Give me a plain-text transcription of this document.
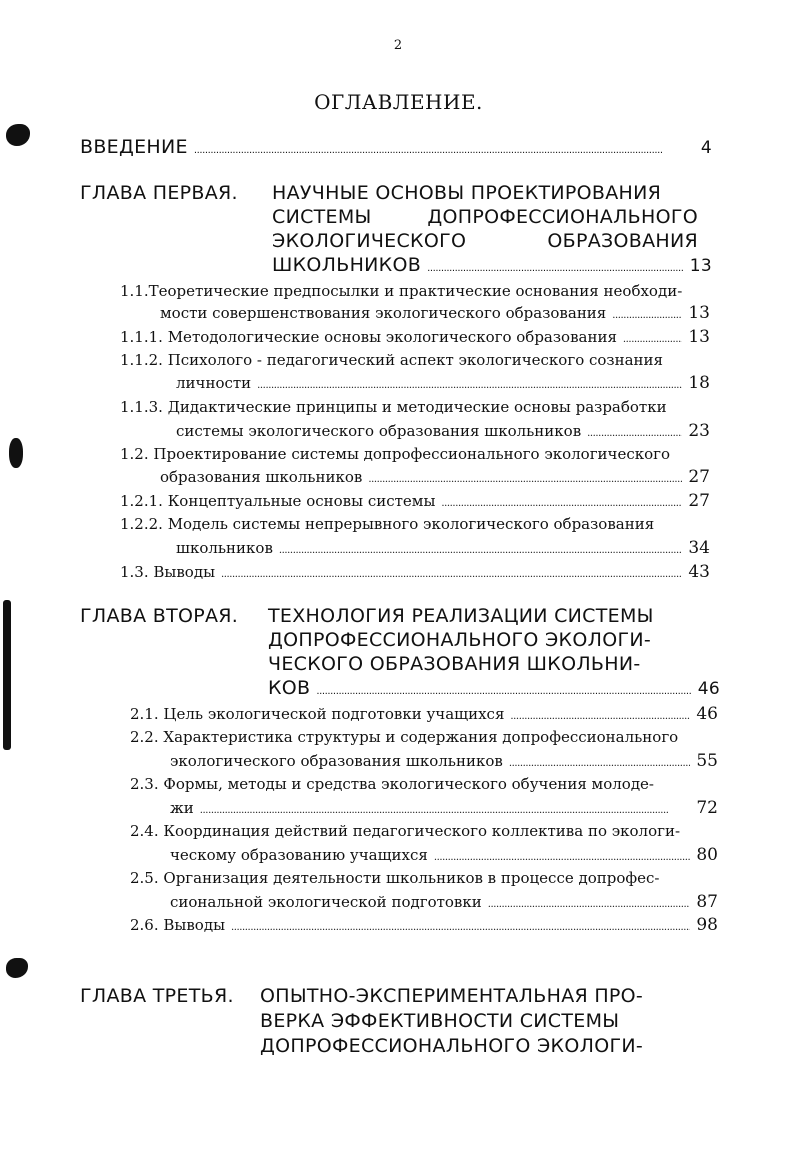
2
ОГЛАВЛЕНИЕ.
ВВЕДЕНИЕ . . .	4
ГЛАВА ПЕРВАЯ. НАУЧНЫЕ ОСНОВЫ ПРОЕКТИРОВАНИЯ
СИСТЕМЫ	ДОПРОФЕССИОНАЛЬНОГО
ЭКОЛОГИЧЕСКОГО	ОБРАЗОВАНИЯ
ШКОЛЬНИКОВ . . .	13
1.1.Теоретические предпосылки и практические основания необходи-
мости совершенствования экологического образования . . .	13
1.1.1. Методологические основы экологического образования . . .	13
1.1.2. Психолого - педагогический аспект экологического сознания
личности . . .	18
1.1.3. Дидактические принципы и методические основы разработки
системы экологического образования школьников . . .	23
1.2. Проектирование системы допрофессионального экологического
образования школьников . . .	27
1.2.1. Концептуальные основы системы . . .	27
1.2.2. Модель системы непрерывного экологического образования
школьников . . .	34
1.3. Выводы . . .	43
ГЛАВА ВТОРАЯ. ТЕХНОЛОГИЯ РЕАЛИЗАЦИИ СИСТЕМЫ
ДОПРОФЕССИОНАЛЬНОГО ЭКОЛОГИ-
ЧЕСКОГО ОБРАЗОВАНИЯ ШКОЛЬНИ-
КОВ . . .	46
2.1. Цель экологической подготовки учащихся . . .	46
2.2. Характеристика структуры и содержания допрофессионального
экологического образования школьников . . .	55
2.3. Формы, методы и средства экологического обучения молоде-
жи . . .	72
2.4. Координация действий педагогического коллектива по экологи-
ческому образованию учащихся . . .	80
2.5. Организация деятельности школьников в процессе допрофес-
сиональной экологической подготовки . . .	87
2.6. Выводы . . .	98
ГЛАВА ТРЕТЬЯ. ОПЫТНО-ЭКСПЕРИМЕНТАЛЬНАЯ ПРО-
ВЕРКА ЭФФЕКТИВНОСТИ СИСТЕМЫ
ДОПРОФЕССИОНАЛЬНОГО ЭКОЛОГИ-
